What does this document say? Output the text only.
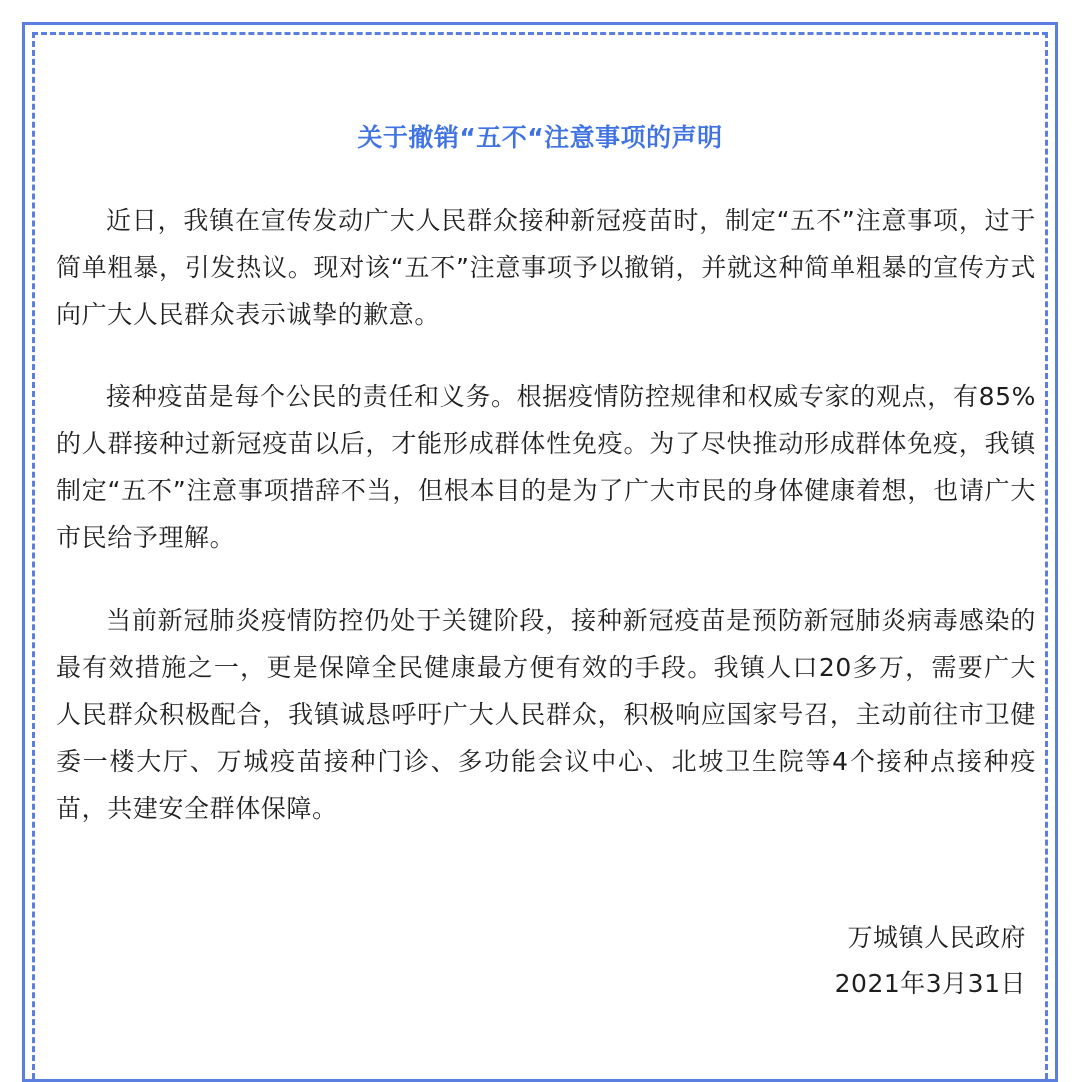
关于撤销“五不“注意事项的声明

近日，我镇在宣传发动广大人民群众接种新冠疫苗时，制定“五不”注意事项，过于简单粗暴，引发热议。现对该“五不”注意事项予以撤销，并就这种简单粗暴的宣传方式向广大人民群众表示诚挚的歉意。

接种疫苗是每个公民的责任和义务。根据疫情防控规律和权威专家的观点，有85%的人群接种过新冠疫苗以后，才能形成群体性免疫。为了尽快推动形成群体免疫，我镇制定“五不”注意事项措辞不当，但根本目的是为了广大市民的身体健康着想，也请广大市民给予理解。

当前新冠肺炎疫情防控仍处于关键阶段，接种新冠疫苗是预防新冠肺炎病毒感染的最有效措施之一，更是保障全民健康最方便有效的手段。我镇人口20多万，需要广大人民群众积极配合，我镇诚恳呼吁广大人民群众，积极响应国家号召，主动前往市卫健委一楼大厅、万城疫苗接种门诊、多功能会议中心、北坡卫生院等4个接种点接种疫苗，共建安全群体保障。

万城镇人民政府
2021年3月31日
